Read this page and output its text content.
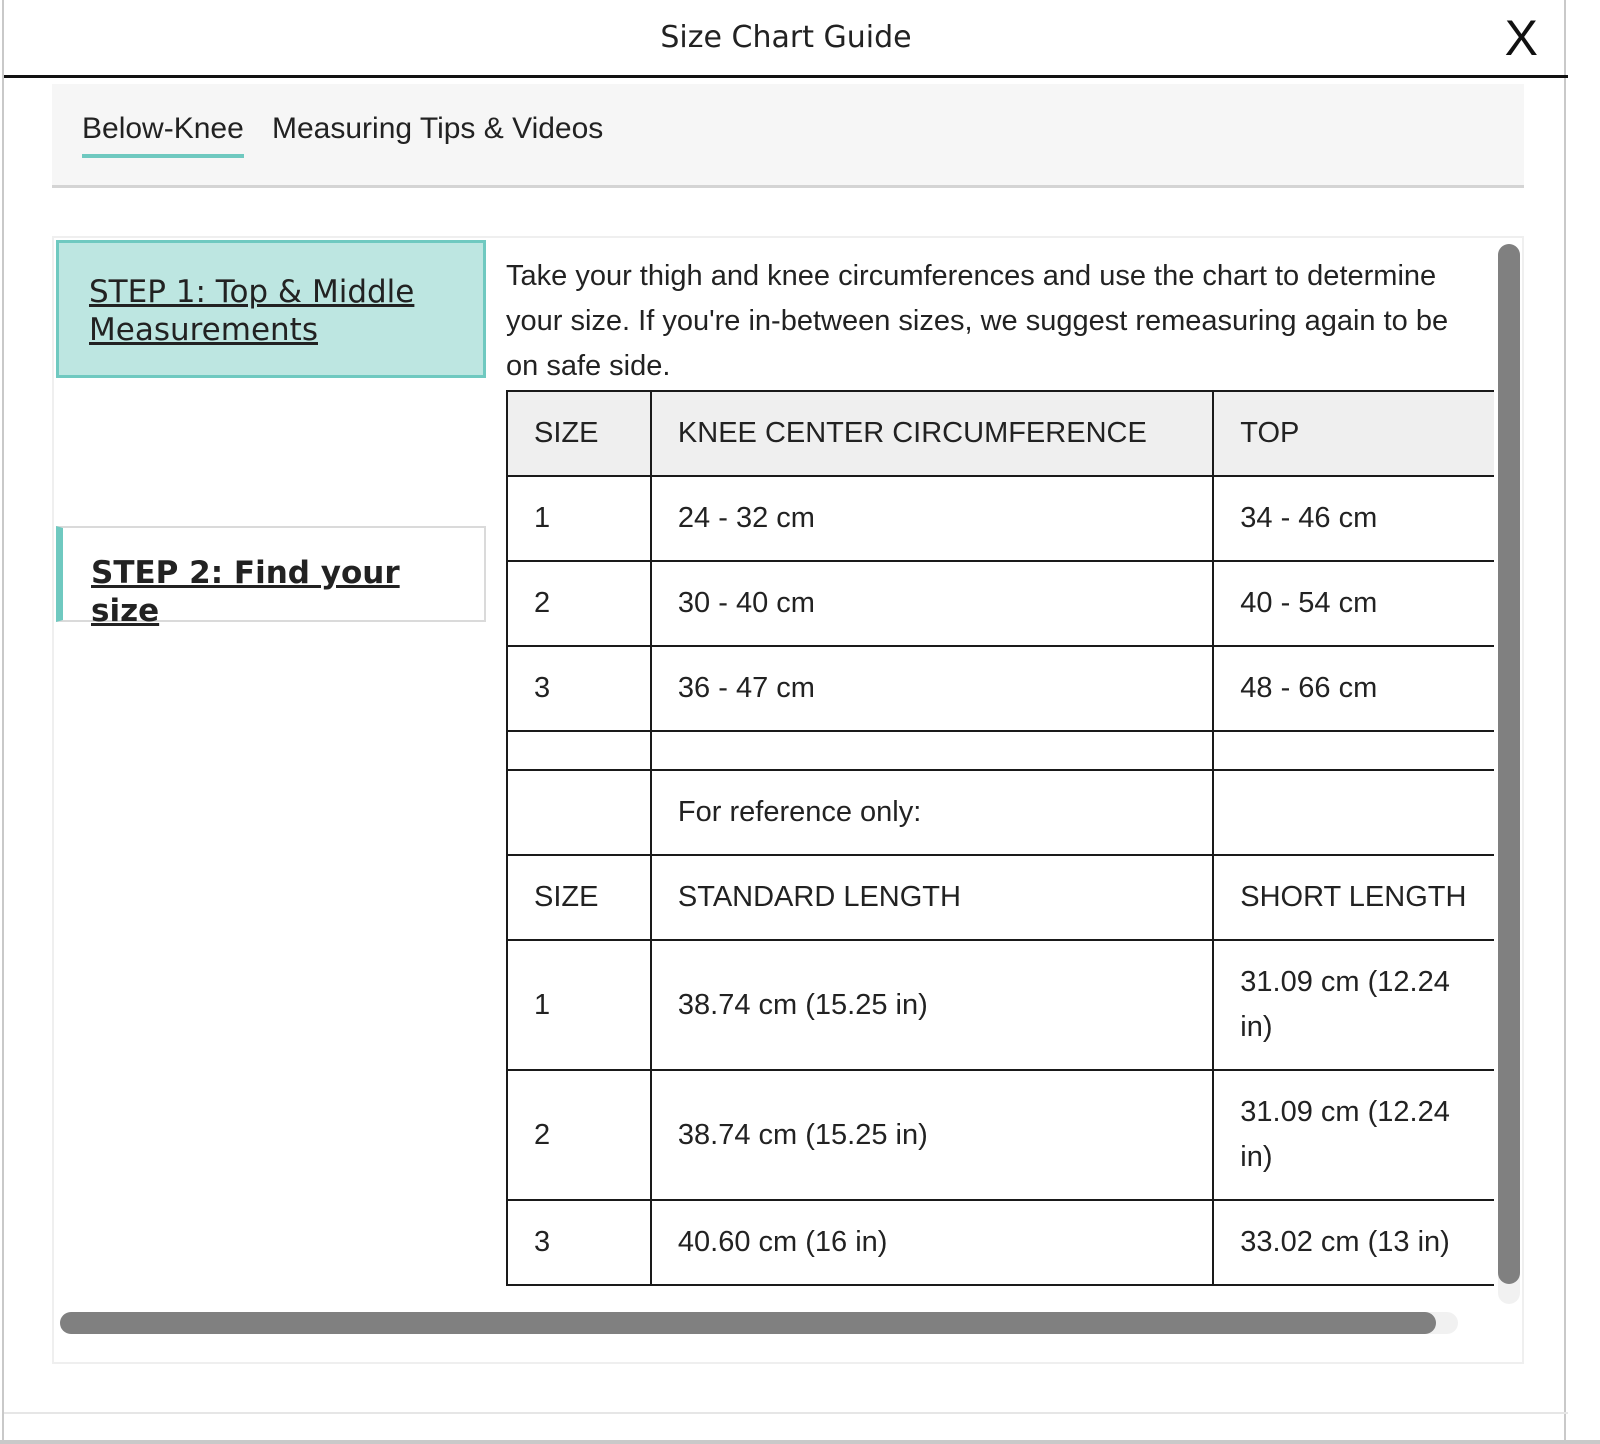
Size Chart Guide	X
Below-Knee Measuring Tips & Videos
STEP 1: Top & Middle Measurements
STEP 2: Find your size

Take your thigh and knee circumferences and use the chart to determine your size. If you're in-between sizes, we suggest remeasuring again to be on safe side.

SIZE	KNEE CENTER CIRCUMFERENCE	TOP
1	24 - 32 cm	34 - 46 cm
2	30 - 40 cm	40 - 54 cm
3	36 - 47 cm	48 - 66 cm

	For reference only:	
SIZE	STANDARD LENGTH	SHORT LENGTH
1	38.74 cm (15.25 in)	31.09 cm (12.24 in)
2	38.74 cm (15.25 in)	31.09 cm (12.24 in)
3	40.60 cm (16 in)	33.02 cm (13 in)
